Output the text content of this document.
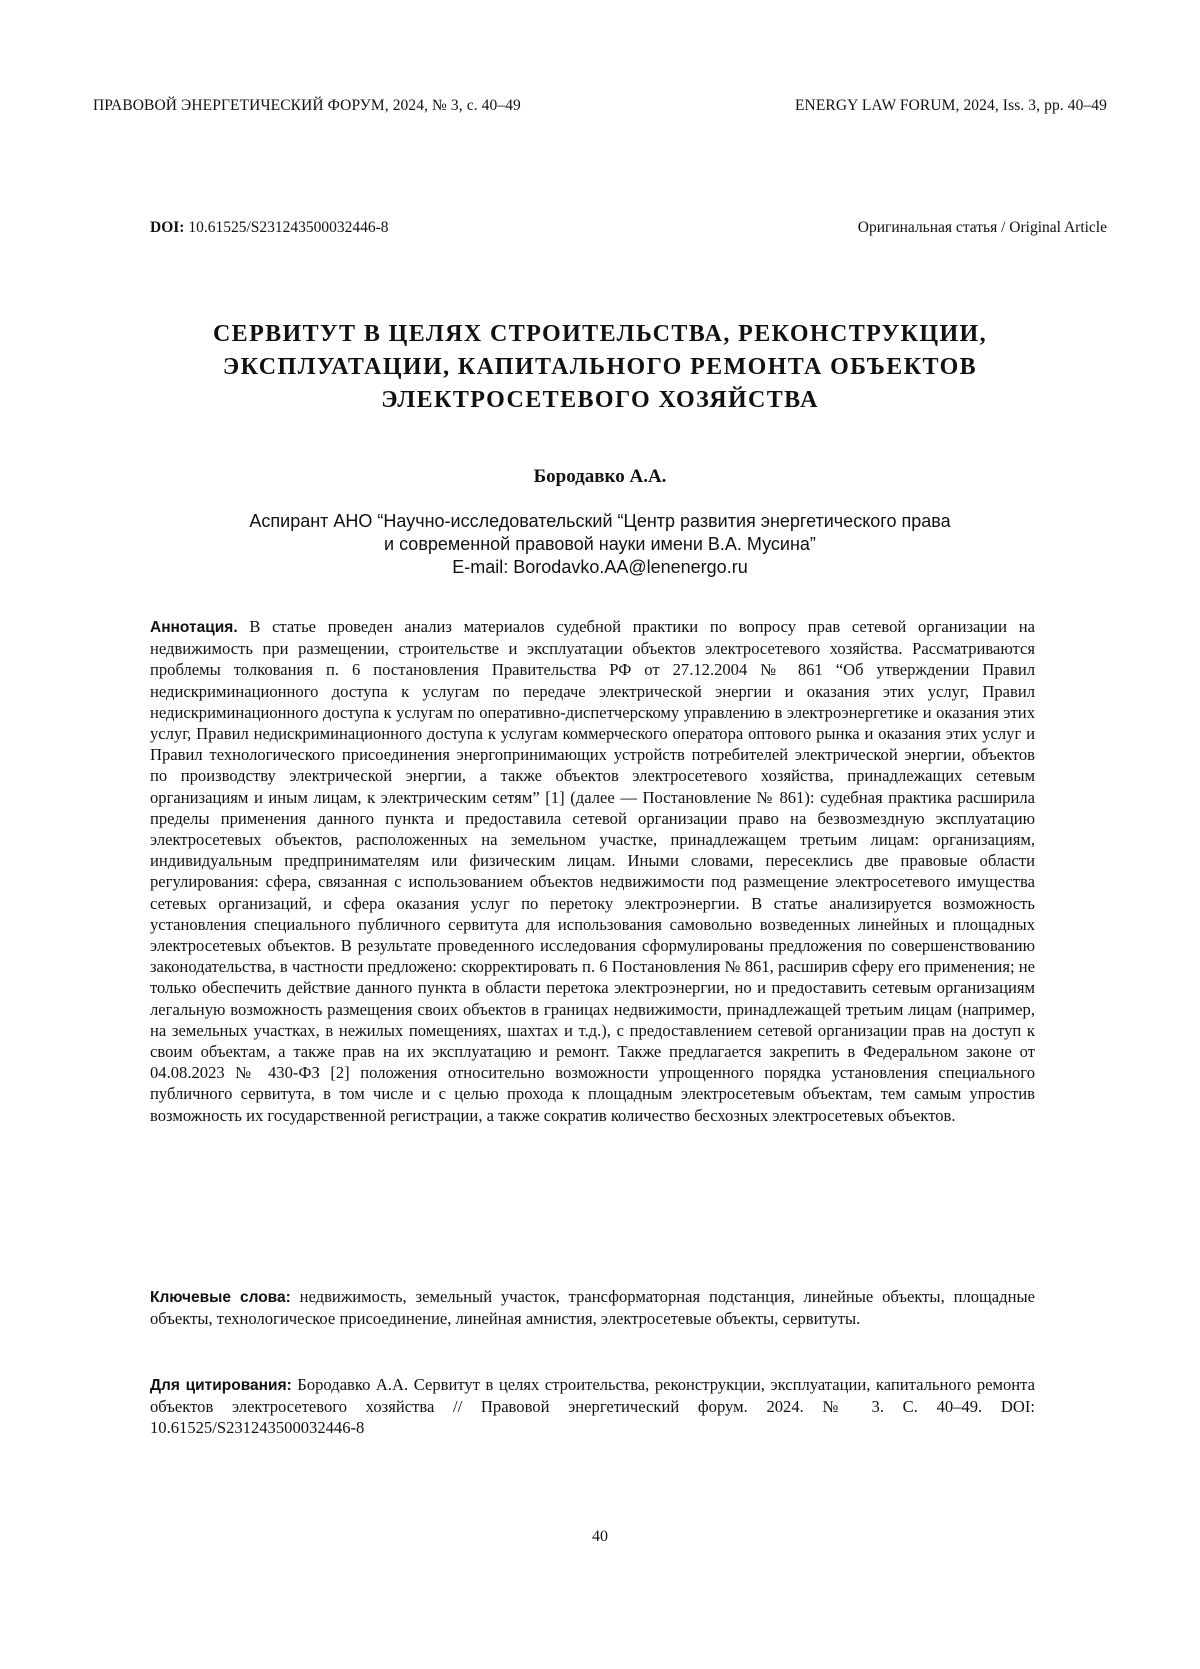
ПРАВОВОЙ ЭНЕРГЕТИЧЕСКИЙ ФОРУМ, 2024, № 3, с. 40–49	ENERGY LAW FORUM, 2024, Iss. 3, pp. 40–49
DOI: 10.61525/S231243500032446-8	Оригинальная статья / Original Article
СЕРВИТУТ В ЦЕЛЯХ СТРОИТЕЛЬСТВА, РЕКОНСТРУКЦИИ,
ЭКСПЛУАТАЦИИ, КАПИТАЛЬНОГО РЕМОНТА ОБЪЕКТОВ
ЭЛЕКТРОСЕТЕВОГО ХОЗЯЙСТВА
Бородавко А.А.
Аспирант АНО “Научно-исследовательский “Центр развития энергетического права
и современной правовой науки имени В.А. Мусина”
E-mail: Borodavko.AA@lenenergo.ru
Аннотация. В статье проведен анализ материалов судебной практики по вопросу прав сетевой организации на недвижимость при размещении, строительстве и эксплуатации объектов электросетевого хозяйства. Рассматриваются проблемы толкования п. 6 постановления Правительства РФ от 27.12.2004 № 861 “Об утверждении Правил недискриминационного доступа к услугам по передаче электрической энергии и оказания этих услуг, Правил недискриминационного доступа к услугам по оперативно-диспетчерскому управлению в электроэнергетике и оказания этих услуг, Правил недискриминационного доступа к услугам коммерческого оператора оптового рынка и оказания этих услуг и Правил технологического присоединения энергопринимающих устройств потребителей электрической энергии, объектов по производству электрической энергии, а также объектов электросетевого хозяйства, принадлежащих сетевым организациям и иным лицам, к электрическим сетям” [1] (далее — Постановление № 861): судебная практика расширила пределы применения данного пункта и предоставила сетевой организации право на безвозмездную эксплуатацию электросетевых объектов, расположенных на земельном участке, принадлежащем третьим лицам: организациям, индивидуальным предпринимателям или физическим лицам. Иными словами, пересеклись две правовые области регулирования: сфера, связанная с использованием объектов недвижимости под размещение электросетевого имущества сетевых организаций, и сфера оказания услуг по перетоку электроэнергии. В статье анализируется возможность установления специального публичного сервитута для использования самовольно возведенных линейных и площадных электросетевых объектов. В результате проведенного исследования сформулированы предложения по совершенствованию законодательства, в частности предложено: скорректировать п. 6 Постановления № 861, расширив сферу его применения; не только обеспечить действие данного пункта в области перетока электроэнергии, но и предоставить сетевым организациям легальную возможность размещения своих объектов в границах недвижимости, принадлежащей третьим лицам (например, на земельных участках, в нежилых помещениях, шахтах и т.д.), с предоставлением сетевой организации прав на доступ к своим объектам, а также прав на их эксплуатацию и ремонт. Также предлагается закрепить в Федеральном законе от 04.08.2023 № 430-ФЗ [2] положения относительно возможности упрощенного порядка установления специального публичного сервитута, в том числе и с целью прохода к площадным электросетевым объектам, тем самым упростив возможность их государственной регистрации, а также сократив количество бесхозных электросетевых объектов.
Ключевые слова: недвижимость, земельный участок, трансформаторная подстанция, линейные объекты, площадные объекты, технологическое присоединение, линейная амнистия, электросетевые объекты, сервитуты.
Для цитирования: Бородавко А.А. Сервитут в целях строительства, реконструкции, эксплуатации, капитального ремонта объектов электросетевого хозяйства // Правовой энергетический форум. 2024. № 3. С. 40–49. DOI: 10.61525/S231243500032446-8
40
